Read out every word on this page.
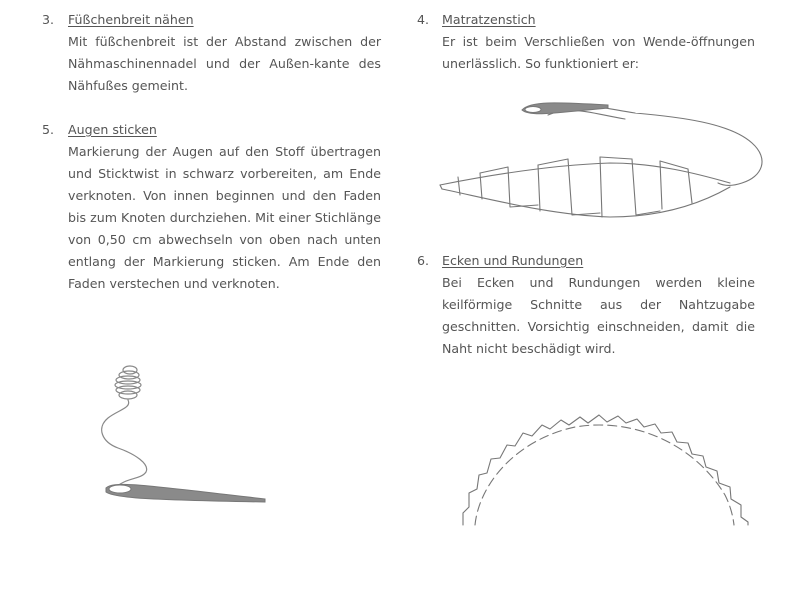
3. Füßchenbreit nähen
Mit füßchenbreit ist der Abstand zwischen der Nähmaschinennadel und der Außen-kante des Nähfußes gemeint.
5. Augen sticken
Markierung der Augen auf den Stoff übertragen und Sticktwist in schwarz vorbereiten, am Ende verknoten. Von innen beginnen und den Faden bis zum Knoten durchziehen. Mit einer Stichlänge von 0,50 cm abwechseln von oben nach unten entlang der Markierung sticken. Am Ende den Faden verstechen und verknoten.
4. Matratzenstich
Er ist beim Verschließen von Wende-öffnungen unerlässlich. So funktioniert er:
6. Ecken und Rundungen
Bei Ecken und Rundungen werden kleine keilförmige Schnitte aus der Nahtzugabe geschnitten. Vorsichtig einschneiden, damit die Naht nicht beschädigt wird.
